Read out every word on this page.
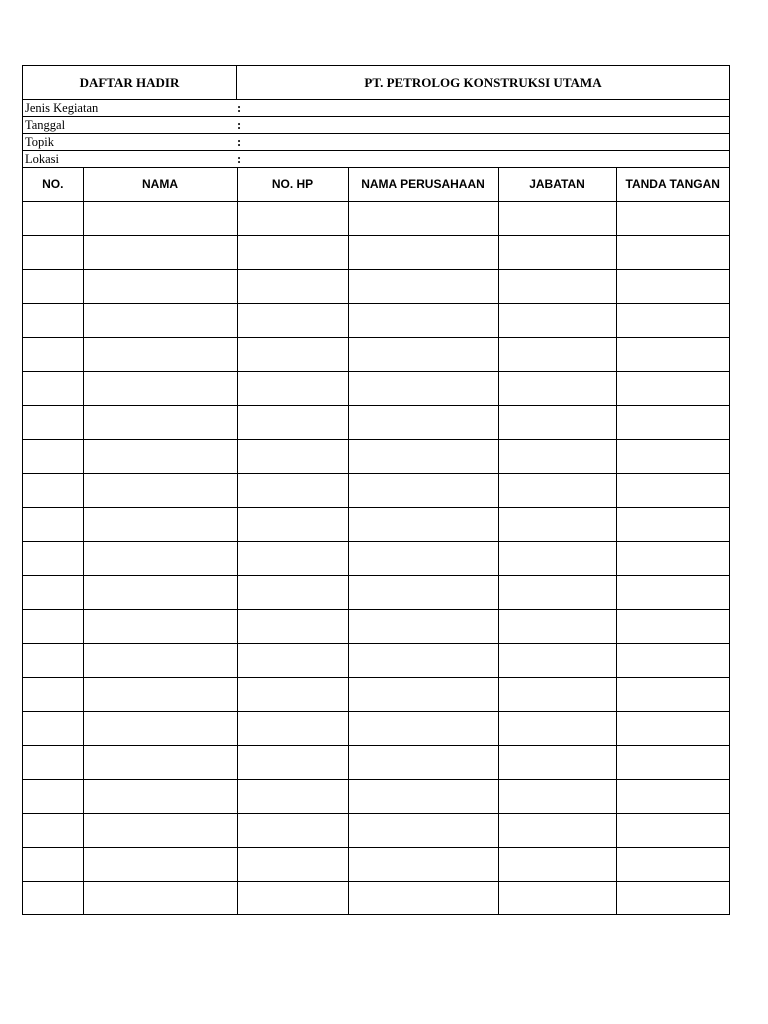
DAFTAR HADIR	PT. PETROLOG KONSTRUKSI UTAMA
Jenis Kegiatan	:
Tanggal	:
Topik	:
Lokasi	:
NO.	NAMA	NO. HP	NAMA PERUSAHAAN	JABATAN	TANDA TANGAN
